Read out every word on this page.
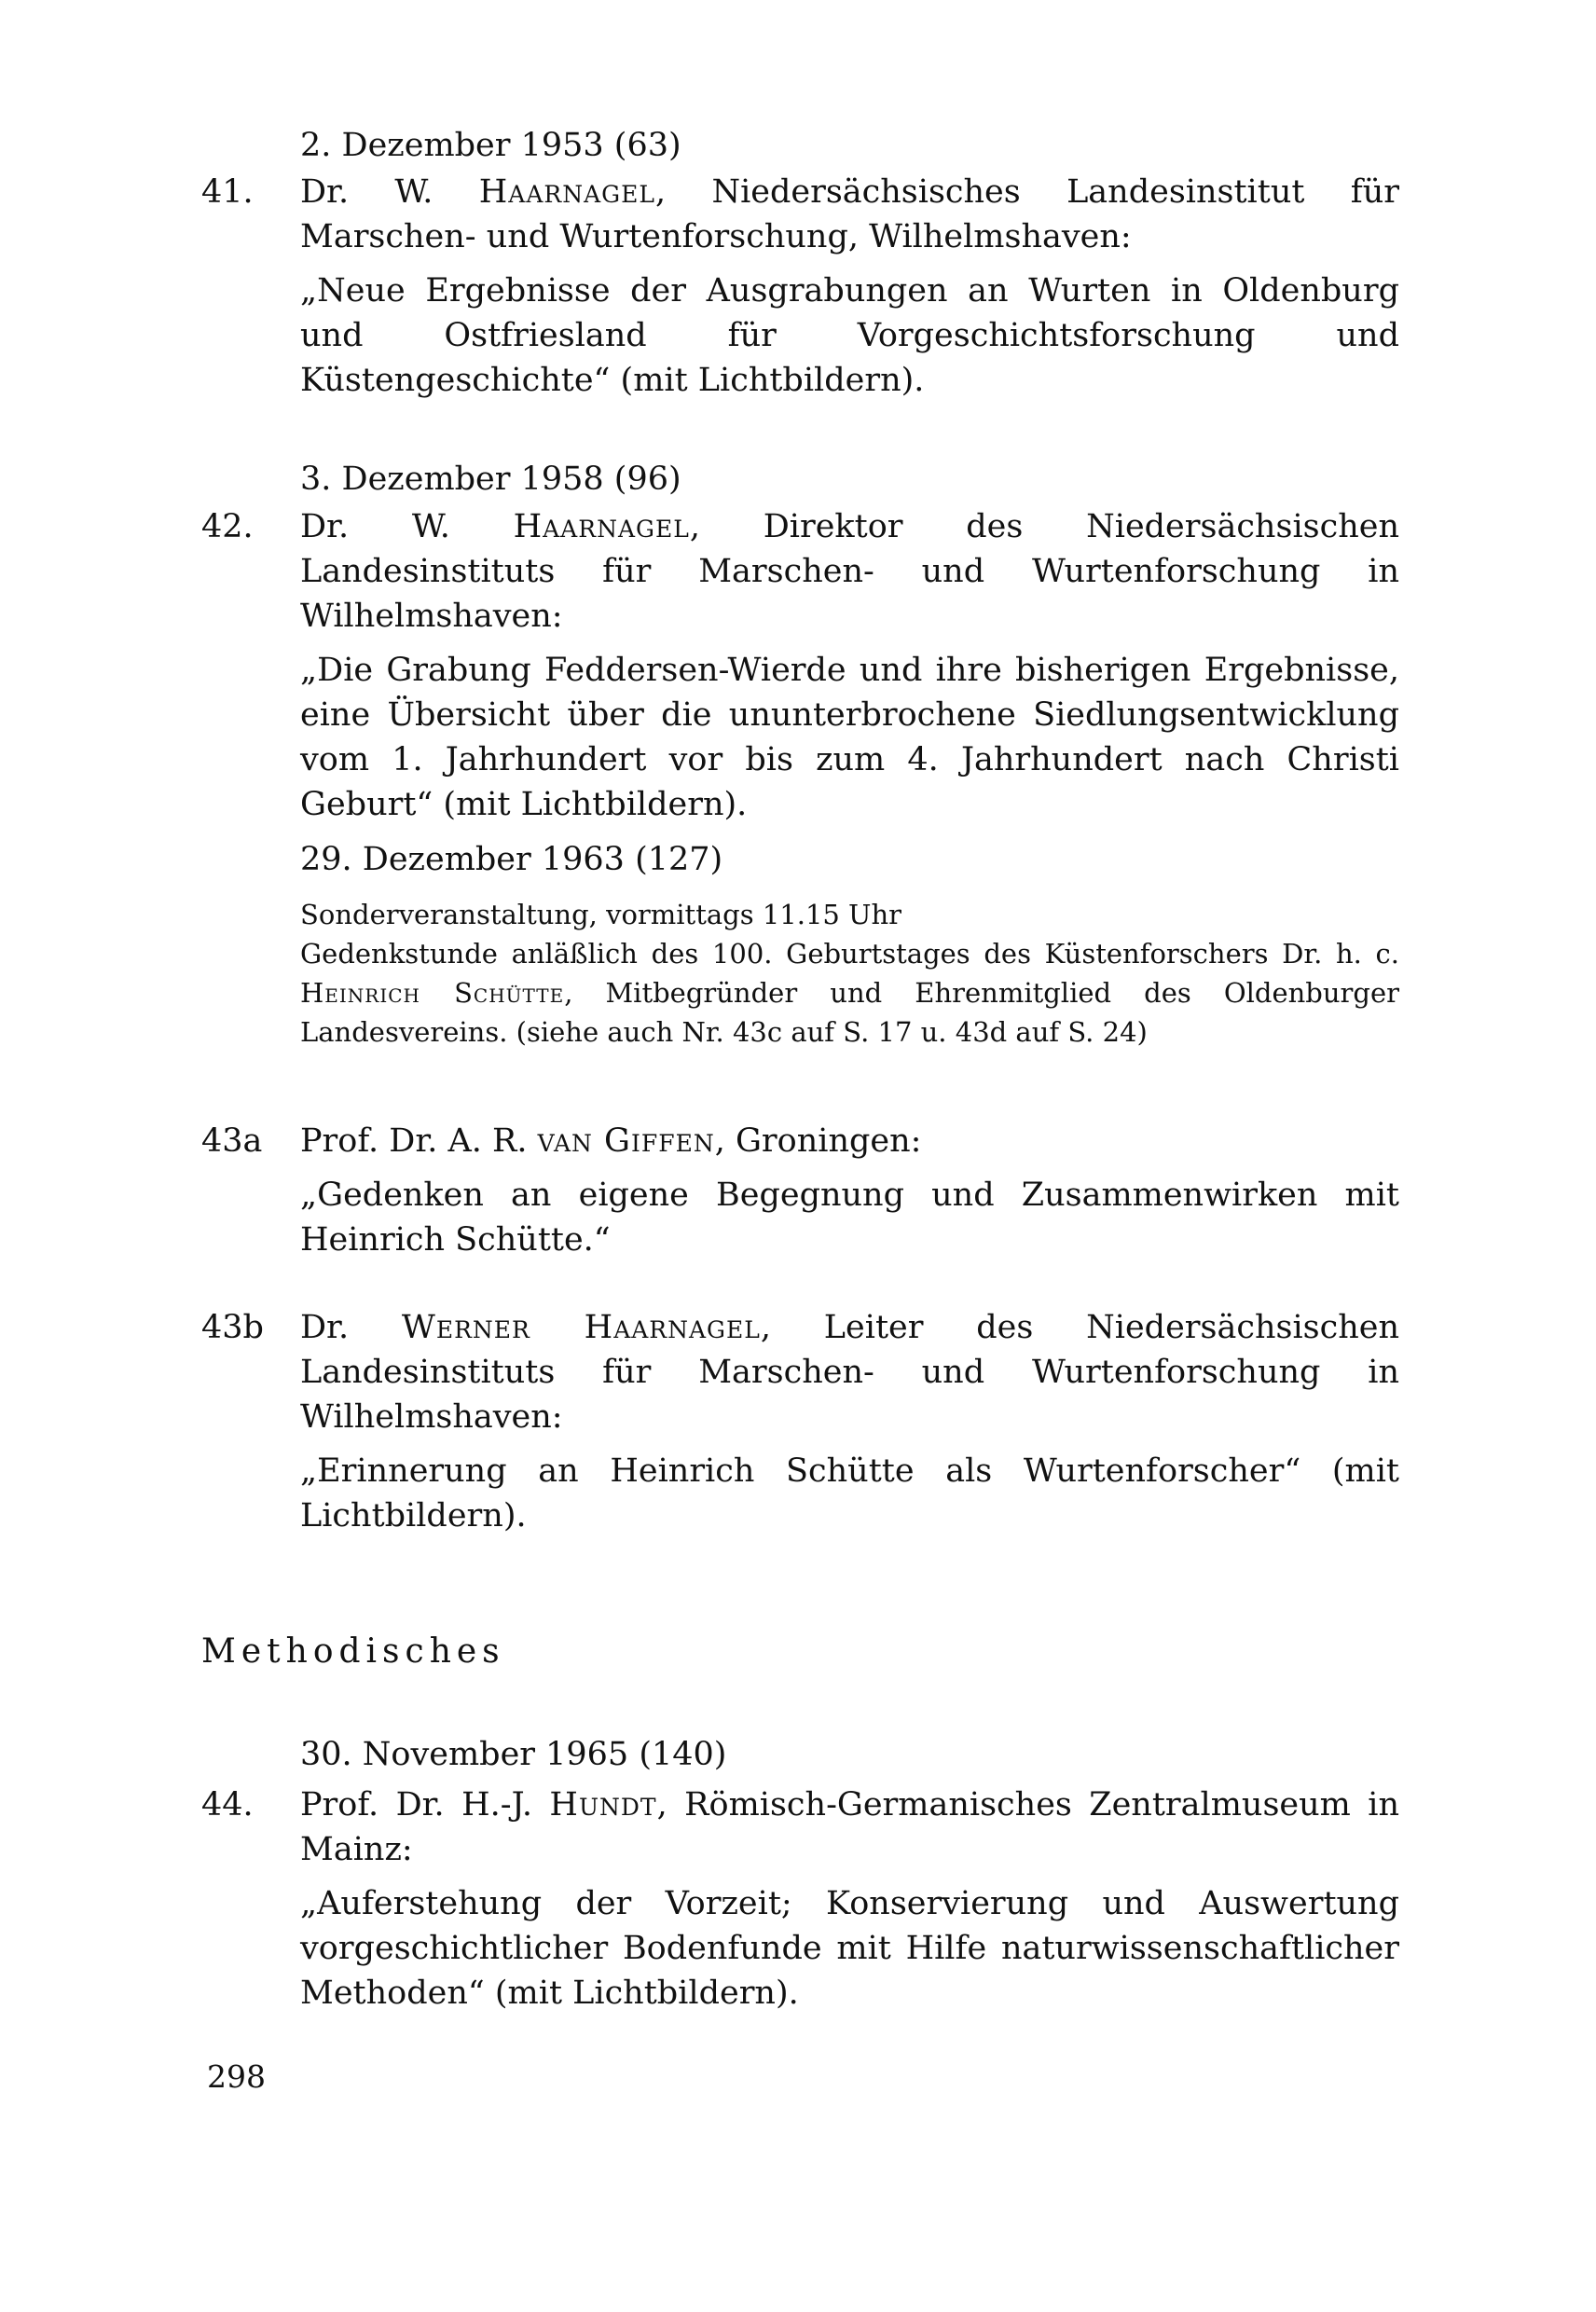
2. Dezember 1953 (63)
41.	Dr. W. Haarnagel, Niedersächsisches Landesinstitut für Marschen- und Wurtenforschung, Wilhelmshaven:

„Neue Ergebnisse der Ausgrabungen an Wurten in Oldenburg und Ostfriesland für Vorgeschichtsforschung und Küstengeschichte“ (mit Lichtbildern).

3. Dezember 1958 (96)
42.	Dr. W. Haarnagel, Direktor des Niedersächsischen Landesinstituts für Marschen- und Wurtenforschung in Wilhelmshaven:

„Die Grabung Feddersen-Wierde und ihre bisherigen Ergebnisse, eine Übersicht über die ununterbrochene Siedlungsentwicklung vom 1. Jahrhundert vor bis zum 4. Jahrhundert nach Christi Geburt“ (mit Lichtbildern).

29. Dezember 1963 (127)

Sonderveranstaltung, vormittags 11.15 Uhr

Gedenkstunde anläßlich des 100. Geburtstages des Küstenforschers Dr. h. c. Heinrich Schütte, Mitbegründer und Ehrenmitglied des Oldenburger Landesvereins. (siehe auch Nr. 43c auf S. 17 u. 43d auf S. 24)

43a	Prof. Dr. A. R. van Giffen, Groningen:

„Gedenken an eigene Begegnung und Zusammenwirken mit Heinrich Schütte.“

43b	Dr. Werner Haarnagel, Leiter des Niedersächsischen Landesinstituts für Marschen- und Wurtenforschung in Wilhelmshaven:

„Erinnerung an Heinrich Schütte als Wurtenforscher“ (mit Lichtbildern).

Methodisches
30. November 1965 (140)
44.	Prof. Dr. H.-J. Hundt, Römisch-Germanisches Zentralmuseum in Mainz:

„Auferstehung der Vorzeit; Konservierung und Auswertung vorgeschichtlicher Bodenfunde mit Hilfe naturwissenschaftlicher Methoden“ (mit Lichtbildern).

298
